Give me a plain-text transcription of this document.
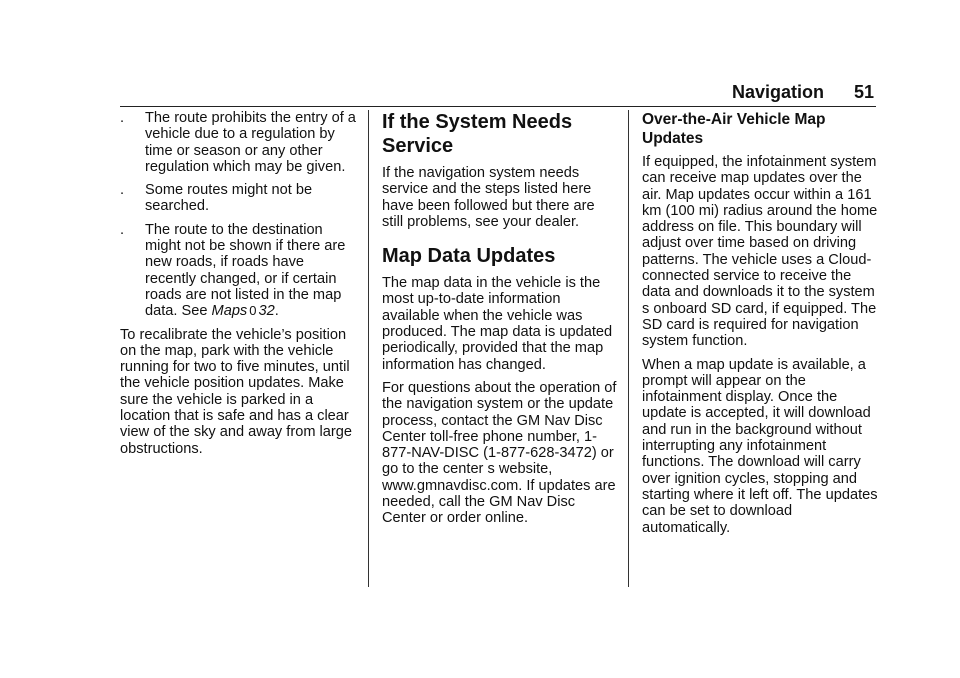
Navigation 51
. The route prohibits the entry of a vehicle due to a regulation by time or season or any other regulation which may be given.
. Some routes might not be searched.
. The route to the destination might not be shown if there are new roads, if roads have recently changed, or if certain roads are not listed in the map data. See Maps 0 32.

To recalibrate the vehicle’s position on the map, park with the vehicle running for two to five minutes, until the vehicle position updates. Make sure the vehicle is parked in a location that is safe and has a clear view of the sky and away from large obstructions.

If the System Needs Service

If the navigation system needs service and the steps listed here have been followed but there are still problems, see your dealer.

Map Data Updates

The map data in the vehicle is the most up-to-date information available when the vehicle was produced. The map data is updated periodically, provided that the map information has changed.

For questions about the operation of the navigation system or the update process, contact the GM Nav Disc Center toll-free phone number, 1-877-NAV-DISC (1-877-628-3472) or go to the center s website, www.gmnavdisc.com. If updates are needed, call the GM Nav Disc Center or order online.

Over-the-Air Vehicle Map Updates

If equipped, the infotainment system can receive map updates over the air. Map updates occur within a 161 km (100 mi) radius around the home address on file. This boundary will adjust over time based on driving patterns. The vehicle uses a Cloud-connected service to receive the data and downloads it to the system s onboard SD card, if equipped. The SD card is required for navigation system function.

When a map update is available, a prompt will appear on the infotainment display. Once the update is accepted, it will download and run in the background without interrupting any infotainment functions. The download will carry over ignition cycles, stopping and starting where it left off. The updates can be set to download automatically.
